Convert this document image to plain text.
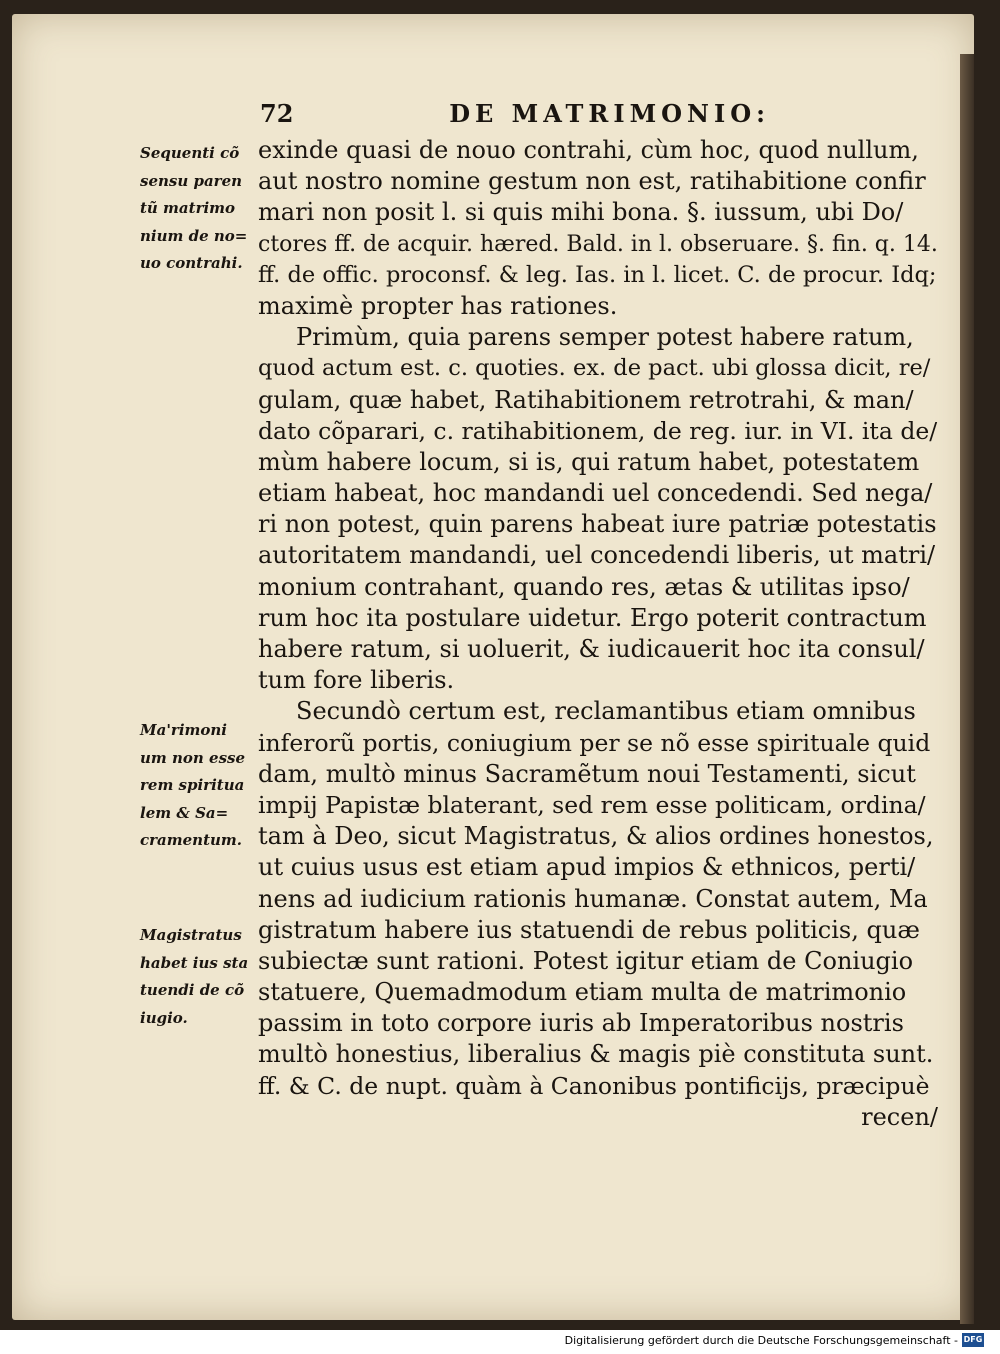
72	DE MATRIMONIO:
Sequenti cõ
sensu paren
tũ matrimo
nium de no=
uo contrahi.
Ma'rimoni
um non esse
rem spiritua
lem & Sa=
cramentum.
Magistratus
habet ius sta
tuendi de cõ
iugio.
exinde quasi de nouo contrahi, cùm hoc, quod nullum,
aut nostro nomine gestum non est, ratihabitione confir
mari non posit l. si quis mihi bona. §. iussum, ubi Do/
ctores ff. de acquir. hæred. Bald. in l. obseruare. §. fin. q. 14.
ff. de offic. proconsf. & leg. Ias. in l. licet. C. de procur. Idq;
maximè propter has rationes.
Primùm, quia parens semper potest habere ratum,
quod actum est. c. quoties. ex. de pact. ubi glossa dicit, re/
gulam, quæ habet, Ratihabitionem retrotrahi, & man/
dato cõparari, c. ratihabitionem, de reg. iur. in VI. ita de/
mùm habere locum, si is, qui ratum habet, potestatem
etiam habeat, hoc mandandi uel concedendi. Sed nega/
ri non potest, quin parens habeat iure patriæ potestatis
autoritatem mandandi, uel concedendi liberis, ut matri/
monium contrahant, quando res, ætas & utilitas ipso/
rum hoc ita postulare uidetur. Ergo poterit contractum
habere ratum, si uoluerit, & iudicauerit hoc ita consul/
tum fore liberis.
Secundò certum est, reclamantibus etiam omnibus
inferorũ portis, coniugium per se nõ esse spirituale quid
dam, multò minus Sacramẽtum noui Testamenti, sicut
impij Papistæ blaterant, sed rem esse politicam, ordina/
tam à Deo, sicut Magistratus, & alios ordines honestos,
ut cuius usus est etiam apud impios & ethnicos, perti/
nens ad iudicium rationis humanæ. Constat autem, Ma
gistratum habere ius statuendi de rebus politicis, quæ
subiectæ sunt rationi. Potest igitur etiam de Coniugio
statuere, Quemadmodum etiam multa de matrimonio
passim in toto corpore iuris ab Imperatoribus nostris
multò honestius, liberalius & magis piè constituta sunt.
ff. & C. de nupt. quàm à Canonibus pontificijs, præcipuè
recen/
Digitalisierung gefördert durch die Deutsche Forschungsgemeinschaft - DFG
